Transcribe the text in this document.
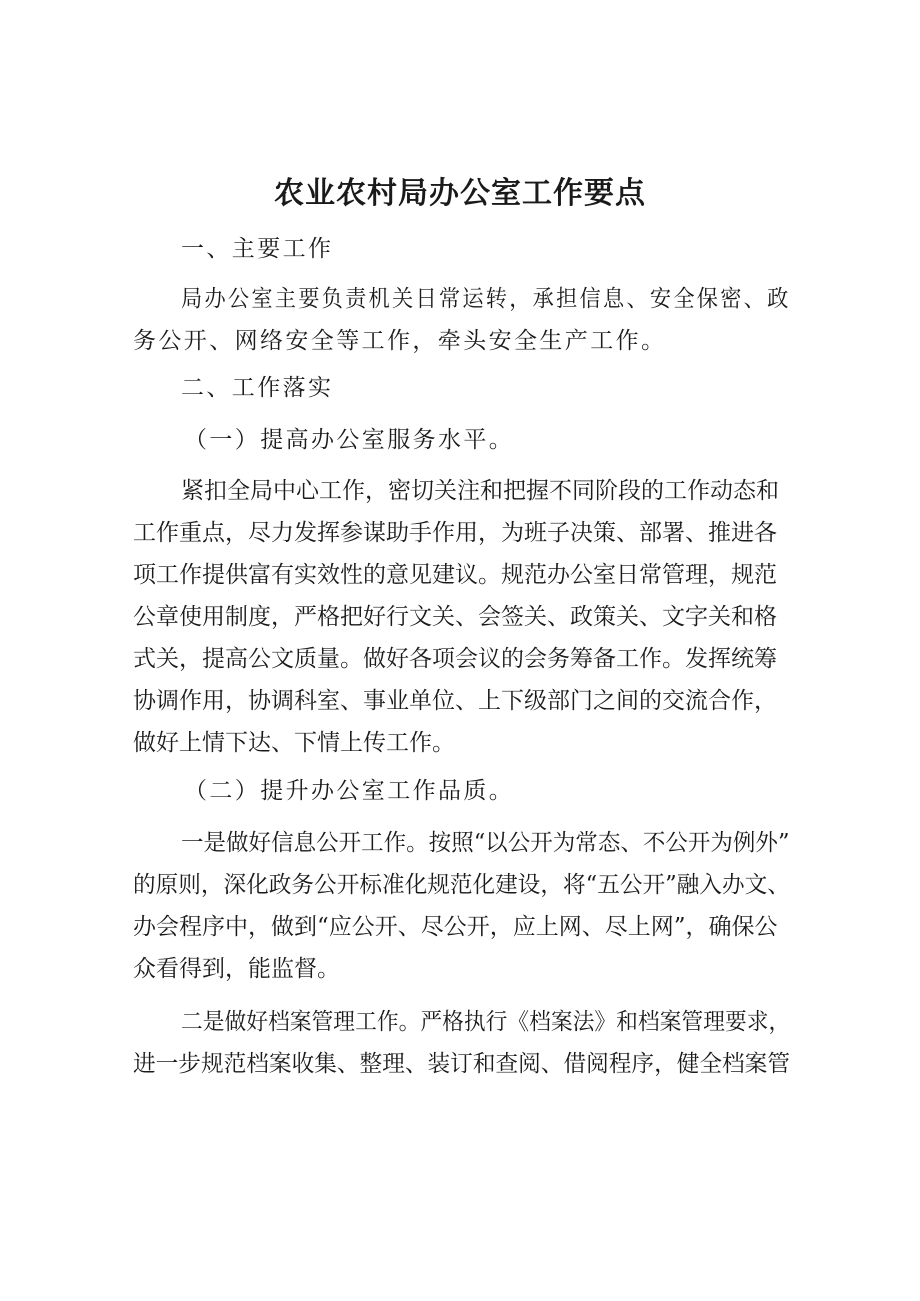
农业农村局办公室工作要点
一、主要工作
局办公室主要负责机关日常运转，承担信息、安全保密、政
务公开、网络安全等工作，牵头安全生产工作。
二、工作落实
（一）提高办公室服务水平。
紧扣全局中心工作，密切关注和把握不同阶段的工作动态和
工作重点，尽力发挥参谋助手作用，为班子决策、部署、推进各
项工作提供富有实效性的意见建议。规范办公室日常管理，规范
公章使用制度，严格把好行文关、会签关、政策关、文字关和格
式关，提高公文质量。做好各项会议的会务筹备工作。发挥统筹
协调作用，协调科室、事业单位、上下级部门之间的交流合作，
做好上情下达、下情上传工作。
（二）提升办公室工作品质。
一是做好信息公开工作。按照“以公开为常态、不公开为例外”
的原则，深化政务公开标准化规范化建设，将“五公开”融入办文、
办会程序中，做到“应公开、尽公开，应上网、尽上网”，确保公
众看得到，能监督。
二是做好档案管理工作。严格执行《档案法》和档案管理要求，
进一步规范档案收集、整理、装订和查阅、借阅程序，健全档案管
